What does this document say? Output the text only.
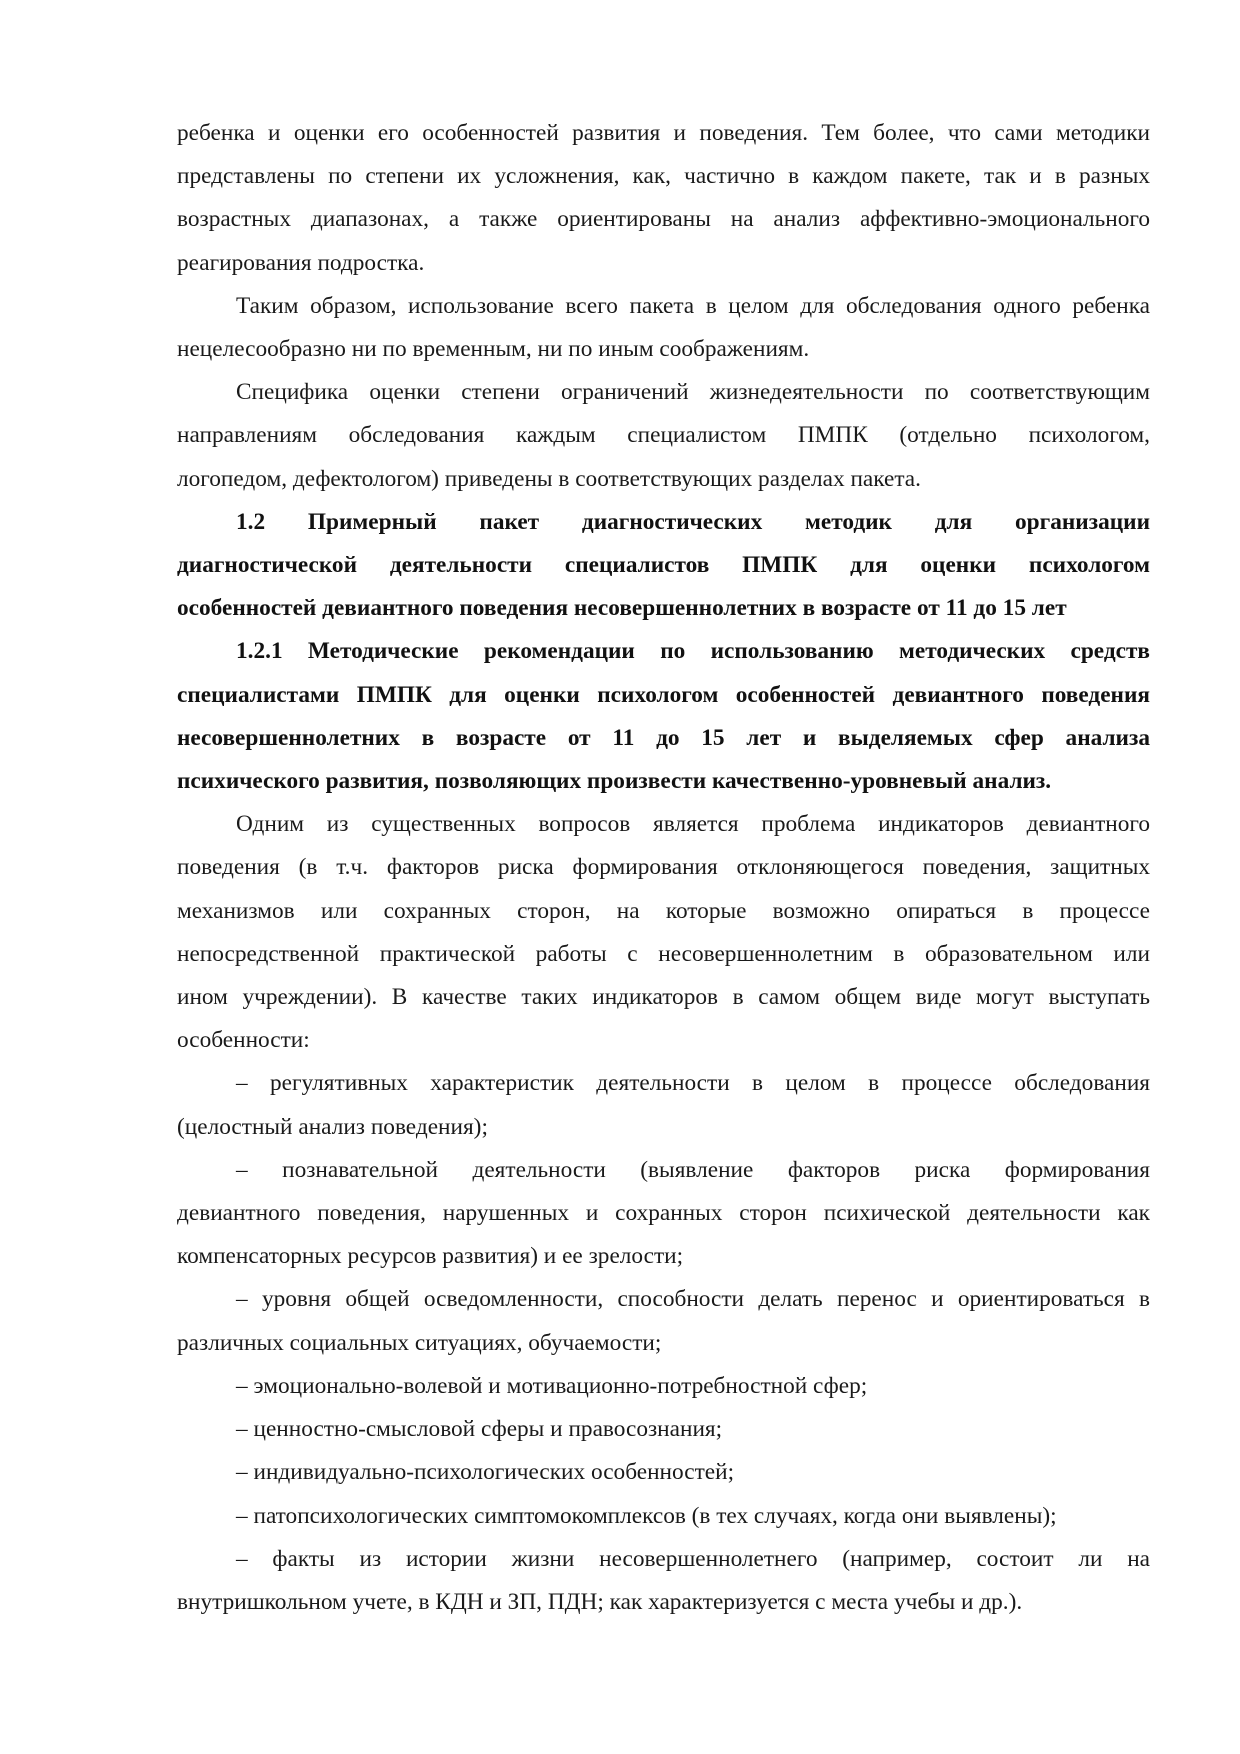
ребенка и оценки его особенностей развития и поведения. Тем более, что сами методики

представлены по степени их усложнения, как, частично в каждом пакете, так и в разных

возрастных диапазонах, а также ориентированы на анализ аффективно-эмоционального

реагирования подростка.

Таким образом, использование всего пакета в целом для обследования одного ребенка

нецелесообразно ни по временным, ни по иным соображениям.

Специфика оценки степени ограничений жизнедеятельности по соответствующим

направлениям обследования каждым специалистом ПМПК (отдельно психологом,

логопедом, дефектологом) приведены в соответствующих разделах пакета.

1.2 Примерный пакет диагностических методик для организации

диагностической деятельности специалистов ПМПК для оценки психологом

особенностей девиантного поведения несовершеннолетних в возрасте от 11 до 15 лет

1.2.1 Методические рекомендации по использованию методических средств

специалистами ПМПК для оценки психологом особенностей девиантного поведения

несовершеннолетних в возрасте от 11 до 15 лет и выделяемых сфер анализа

психического развития, позволяющих произвести качественно-уровневый анализ.

Одним из существенных вопросов является проблема индикаторов девиантного

поведения (в т.ч. факторов риска формирования отклоняющегося поведения, защитных

механизмов или сохранных сторон, на которые возможно опираться в процессе

непосредственной практической работы с несовершеннолетним в образовательном или

ином учреждении). В качестве таких индикаторов в самом общем виде могут выступать

особенности:

– регулятивных характеристик деятельности в целом в процессе обследования

(целостный анализ поведения);

– познавательной деятельности (выявление факторов риска формирования

девиантного поведения, нарушенных и сохранных сторон психической деятельности как

компенсаторных ресурсов развития) и ее зрелости;

– уровня общей осведомленности, способности делать перенос и ориентироваться в

различных социальных ситуациях, обучаемости;

– эмоционально-волевой и мотивационно-потребностной сфер;

– ценностно-смысловой сферы и правосознания;

– индивидуально-психологических особенностей;

– патопсихологических симптомокомплексов (в тех случаях, когда они выявлены);

– факты из истории жизни несовершеннолетнего (например, состоит ли на

внутришкольном учете, в КДН и ЗП, ПДН; как характеризуется с места учебы и др.).
